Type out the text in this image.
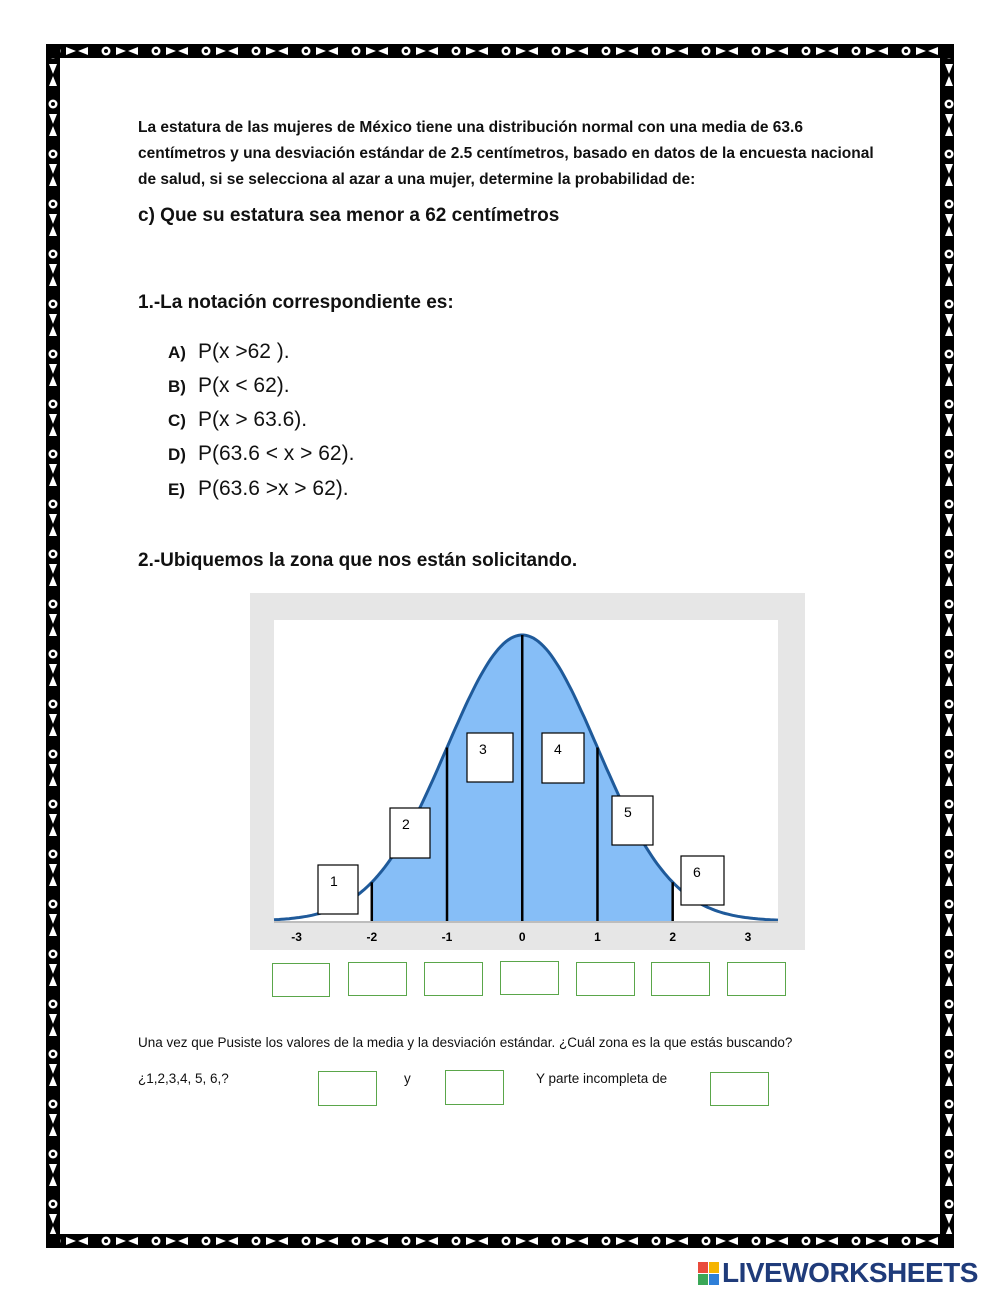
La estatura de las mujeres de México tiene una distribución normal con una media de 63.6 centímetros y una desviación estándar de 2.5 centímetros, basado en datos de la encuesta nacional de salud, si se selecciona al azar a una mujer, determine la probabilidad de:
c) Que su estatura sea menor a 62 centímetros
1.-La notación correspondiente es:
A) P(x >62 ).
B) P(x < 62).
C) P(x > 63.6).
D) P(63.6 < x > 62).
E) P(63.6 >x > 62).
2.-Ubiquemos la zona que nos están solicitando.
-3	-2	-1	0	1	2	3
1
2
3	4
5
6
Una vez que Pusiste los valores de la media y la desviación estándar. ¿Cuál zona es la que estás buscando?
¿1,2,3,4, 5, 6,?	y	Y parte incompleta de
LIVEWORKSHEETS
